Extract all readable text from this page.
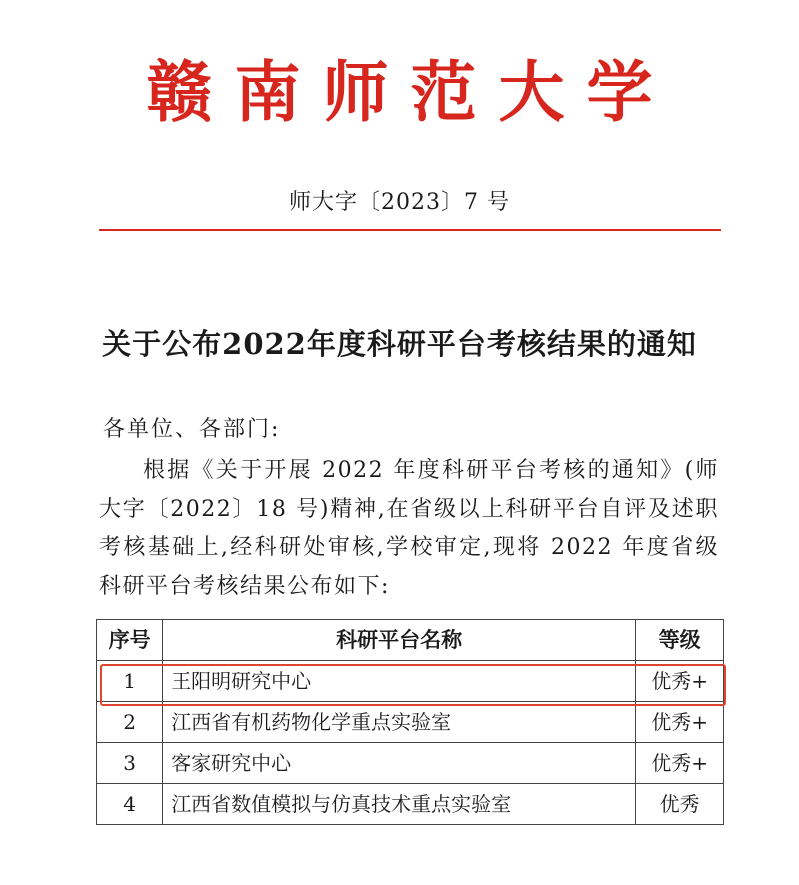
赣南师范大学
师大字〔2023〕7 号
关于公布2022年度科研平台考核结果的通知
各单位、各部门:
根据《关于开展 2022 年度科研平台考核的通知》(师大字〔2022〕18 号)精神,在省级以上科研平台自评及述职考核基础上,经科研处审核,学校审定,现将 2022 年度省级科研平台考核结果公布如下:
序号	科研平台名称	等级
1	王阳明研究中心	优秀+
2	江西省有机药物化学重点实验室	优秀+
3	客家研究中心	优秀+
4	江西省数值模拟与仿真技术重点实验室	优秀
